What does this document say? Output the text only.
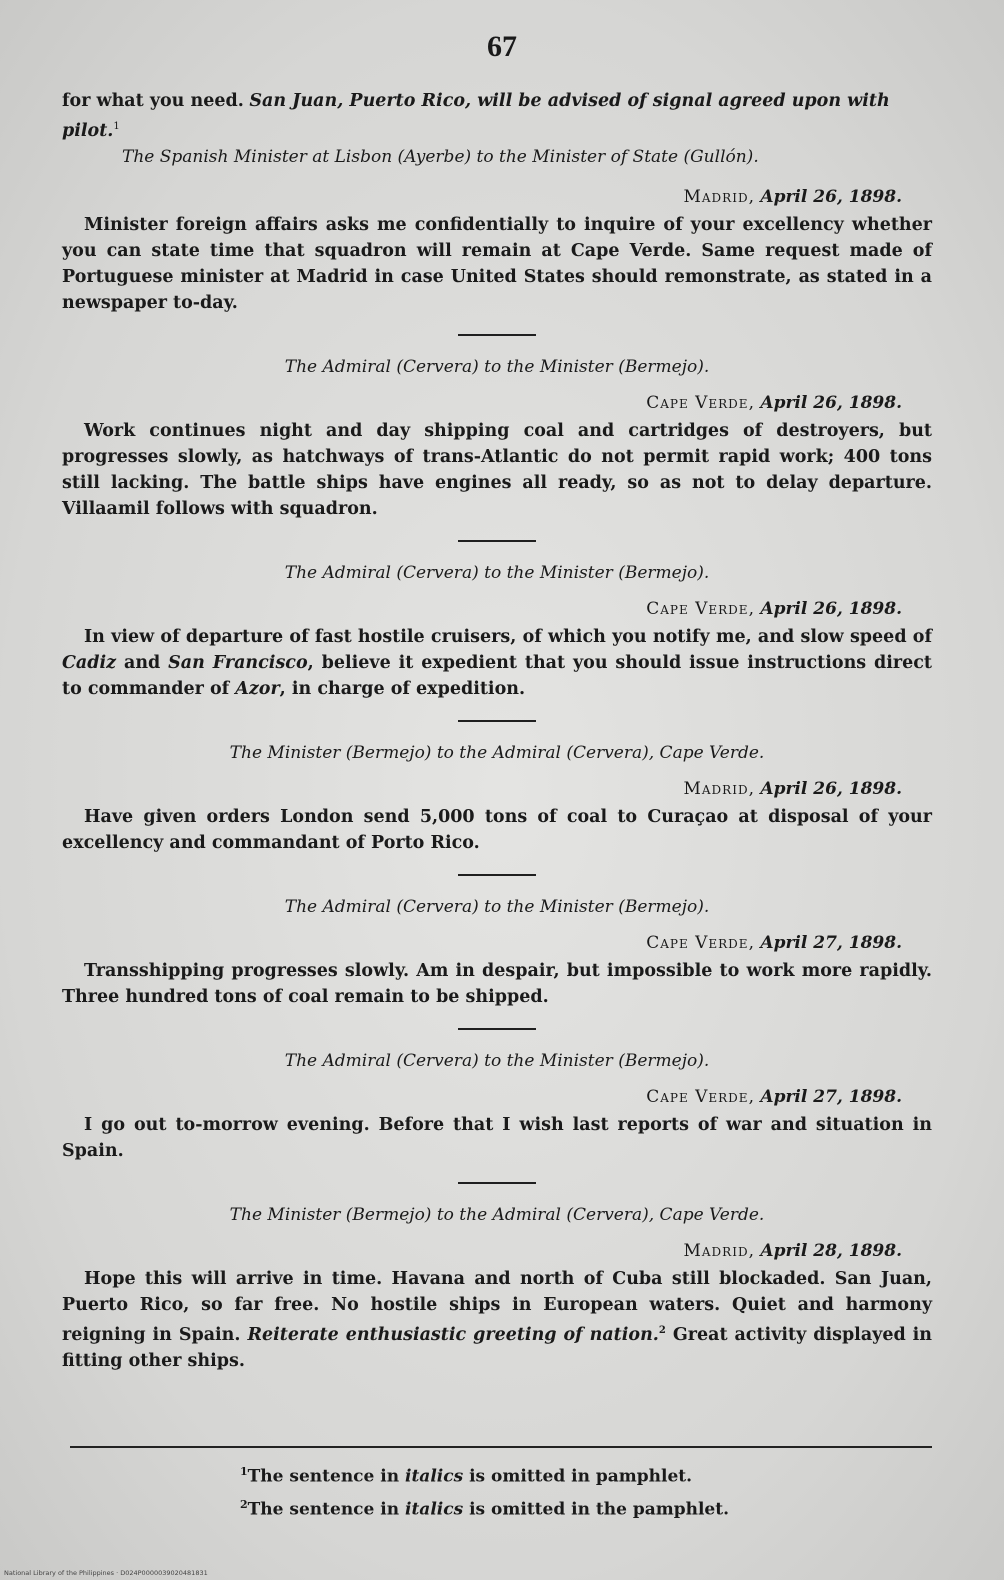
67

for what you need. San Juan, Puerto Rico, will be advised of signal agreed upon with pilot.$^1$

The Spanish Minister at Lisbon (Ayerbe) to the Minister of State (Gullón).
Madrid, April 26, 1898.

Minister foreign affairs asks me confidentially to inquire of your excellency whether you can state time that squadron will remain at Cape Verde. Same request made of Portuguese minister at Madrid in case United States should remonstrate, as stated in a newspaper to-day.

The Admiral (Cervera) to the Minister (Bermejo).
Cape Verde, April 26, 1898.

Work continues night and day shipping coal and cartridges of destroyers, but progresses slowly, as hatchways of trans-Atlantic do not permit rapid work; 400 tons still lacking. The battle ships have engines all ready, so as not to delay departure. Villaamil follows with squadron.

The Admiral (Cervera) to the Minister (Bermejo).
Cape Verde, April 26, 1898.

In view of departure of fast hostile cruisers, of which you notify me, and slow speed of Cadiz and San Francisco, believe it expedient that you should issue instructions direct to commander of Azor, in charge of expedition.

The Minister (Bermejo) to the Admiral (Cervera), Cape Verde.
Madrid, April 26, 1898.

Have given orders London send 5,000 tons of coal to Curaçao at disposal of your excellency and commandant of Porto Rico.

The Admiral (Cervera) to the Minister (Bermejo).
Cape Verde, April 27, 1898.

Transshipping progresses slowly. Am in despair, but impossible to work more rapidly. Three hundred tons of coal remain to be shipped.

The Admiral (Cervera) to the Minister (Bermejo).
Cape Verde, April 27, 1898.

I go out to-morrow evening. Before that I wish last reports of war and situation in Spain.

The Minister (Bermejo) to the Admiral (Cervera), Cape Verde.
Madrid, April 28, 1898.

Hope this will arrive in time. Havana and north of Cuba still blockaded. San Juan, Puerto Rico, so far free. No hostile ships in European waters. Quiet and harmony reigning in Spain. Reiterate enthusiastic greeting of nation.$^2$ Great activity displayed in fitting other ships.

$^1$The sentence in italics is omitted in pamphlet.
$^2$The sentence in italics is omitted in the pamphlet.
National Library of the Philippines · D024P0000039020481831
